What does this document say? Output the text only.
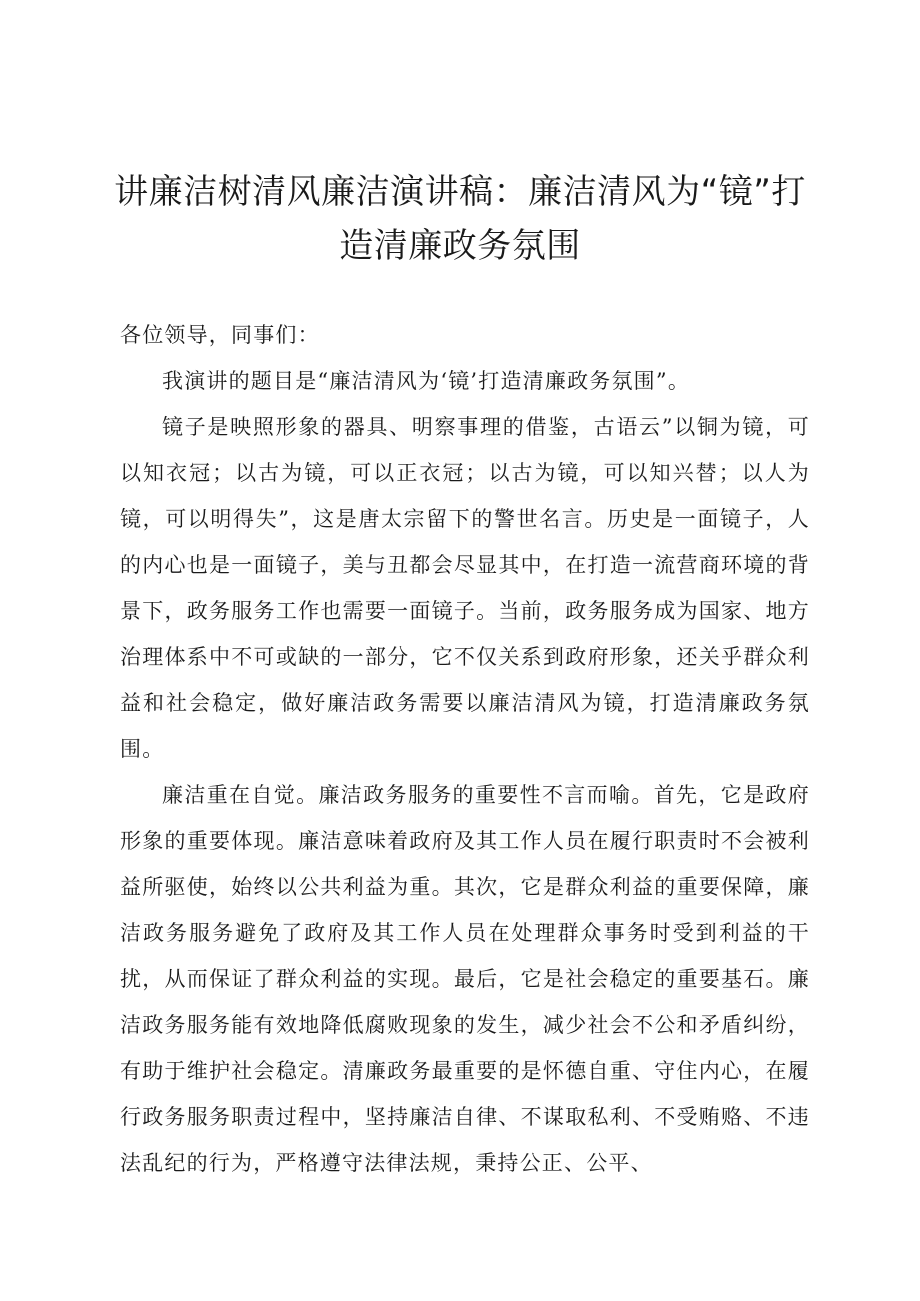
讲廉洁树清风廉洁演讲稿：廉洁清风为“镜”打造清廉政务氛围

各位领导，同事们：

我演讲的题目是“廉洁清风为‘镜’打造清廉政务氛围”。

镜子是映照形象的器具、明察事理的借鉴，古语云”以铜为镜，可以知衣冠；以古为镜，可以正衣冠；以古为镜，可以知兴替；以人为镜，可以明得失”，这是唐太宗留下的警世名言。历史是一面镜子，人的内心也是一面镜子，美与丑都会尽显其中，在打造一流营商环境的背景下，政务服务工作也需要一面镜子。当前，政务服务成为国家、地方治理体系中不可或缺的一部分，它不仅关系到政府形象，还关乎群众利益和社会稳定，做好廉洁政务需要以廉洁清风为镜，打造清廉政务氛围。

廉洁重在自觉。廉洁政务服务的重要性不言而喻。首先，它是政府形象的重要体现。廉洁意味着政府及其工作人员在履行职责时不会被利益所驱使，始终以公共利益为重。其次，它是群众利益的重要保障，廉洁政务服务避免了政府及其工作人员在处理群众事务时受到利益的干扰，从而保证了群众利益的实现。最后，它是社会稳定的重要基石。廉洁政务服务能有效地降低腐败现象的发生，减少社会不公和矛盾纠纷，有助于维护社会稳定。清廉政务最重要的是怀德自重、守住内心，在履行政务服务职责过程中，坚持廉洁自律、不谋取私利、不受贿赂、不违法乱纪的行为，严格遵守法律法规，秉持公正、公平、
